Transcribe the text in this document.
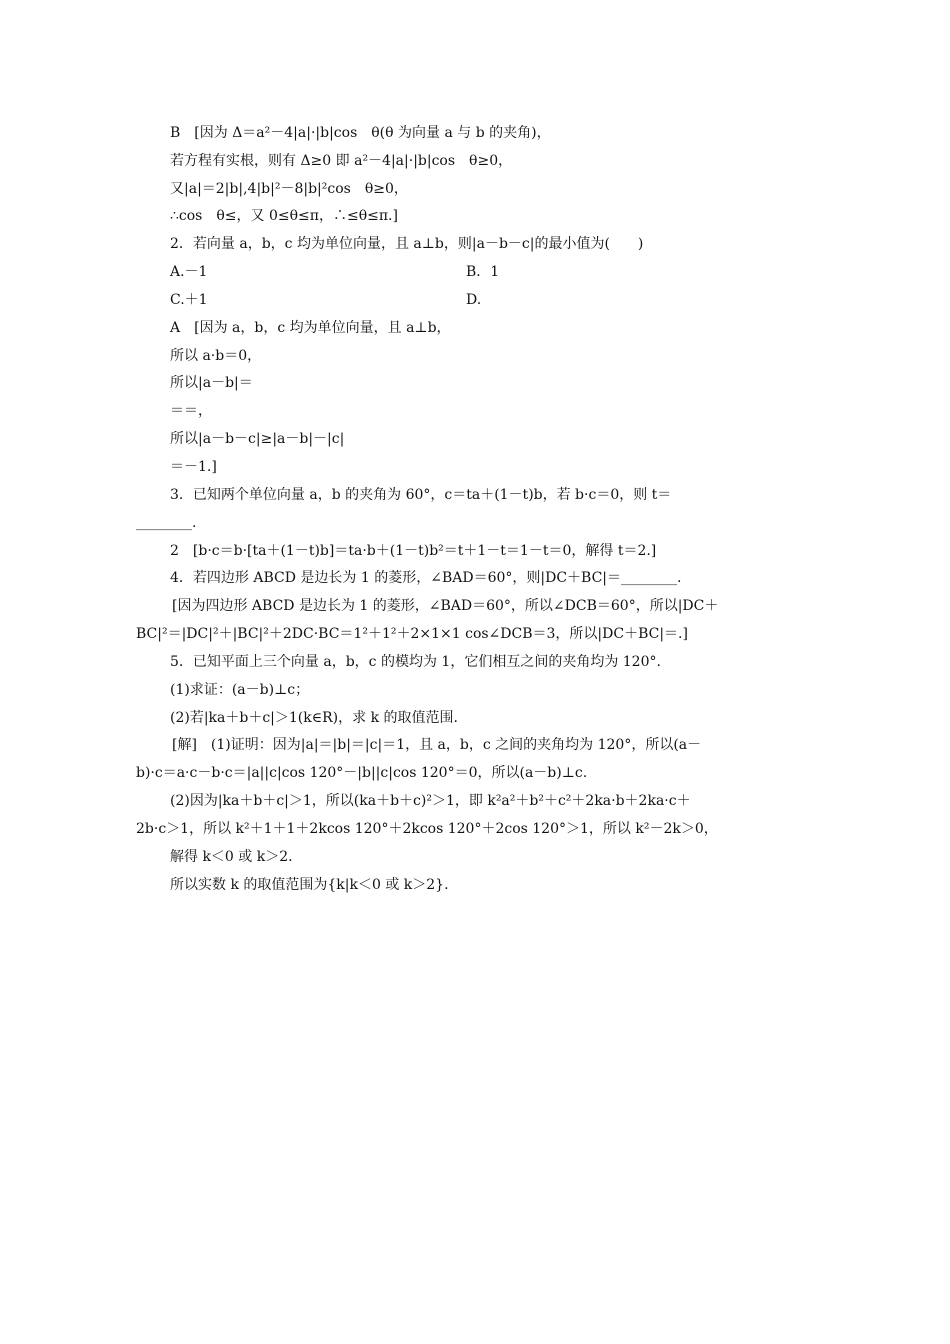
B　[因为 Δ＝a²－4|a|·|b|cos　θ(θ 为向量 a 与 b 的夹角)，
若方程有实根，则有 Δ≥0 即 a²－4|a|·|b|cos　θ≥0，
又|a|＝2|b|,4|b|²－8|b|²cos　θ≥0，
∴cos　θ≤，又 0≤θ≤π，∴≤θ≤π.]
2．若向量 a，b，c 均为单位向量，且 a⊥b，则|a－b－c|的最小值为(　　)
A.－1	B．1
C.＋1	D.
A　[因为 a，b，c 均为单位向量，且 a⊥b，
所以 a·b＝0，
所以|a－b|＝
＝＝，
所以|a－b－c|≥|a－b|－|c|
＝－1.]
3．已知两个单位向量 a，b 的夹角为 60°，c＝ta＋(1－t)b，若 b·c＝0，则 t＝
________.
2　[b·c＝b·[ta＋(1－t)b]＝ta·b＋(1－t)b²＝t＋1－t＝1－t＝0，解得 t＝2.]
4．若四边形 ABCD 是边长为 1 的菱形，∠BAD＝60°，则|DC＋BC|＝________.
[因为四边形 ABCD 是边长为 1 的菱形，∠BAD＝60°，所以∠DCB＝60°，所以|DC＋
BC|²＝|DC|²＋|BC|²＋2DC·BC＝1²＋1²＋2×1×1 cos∠DCB＝3，所以|DC＋BC|＝.]
5．已知平面上三个向量 a，b，c 的模均为 1，它们相互之间的夹角均为 120°.
(1)求证：(a－b)⊥c；
(2)若|ka＋b＋c|＞1(k∈R)，求 k 的取值范围.
[解]　(1)证明：因为|a|＝|b|＝|c|＝1，且 a，b，c 之间的夹角均为 120°，所以(a－
b)·c＝a·c－b·c＝|a||c|cos 120°－|b||c|cos 120°＝0，所以(a－b)⊥c.
(2)因为|ka＋b＋c|＞1，所以(ka＋b＋c)²＞1，即 k²a²＋b²＋c²＋2ka·b＋2ka·c＋
2b·c＞1，所以 k²＋1＋1＋2kcos 120°＋2kcos 120°＋2cos 120°＞1，所以 k²－2k＞0，
解得 k＜0 或 k＞2.
所以实数 k 的取值范围为{k|k＜0 或 k＞2}.
